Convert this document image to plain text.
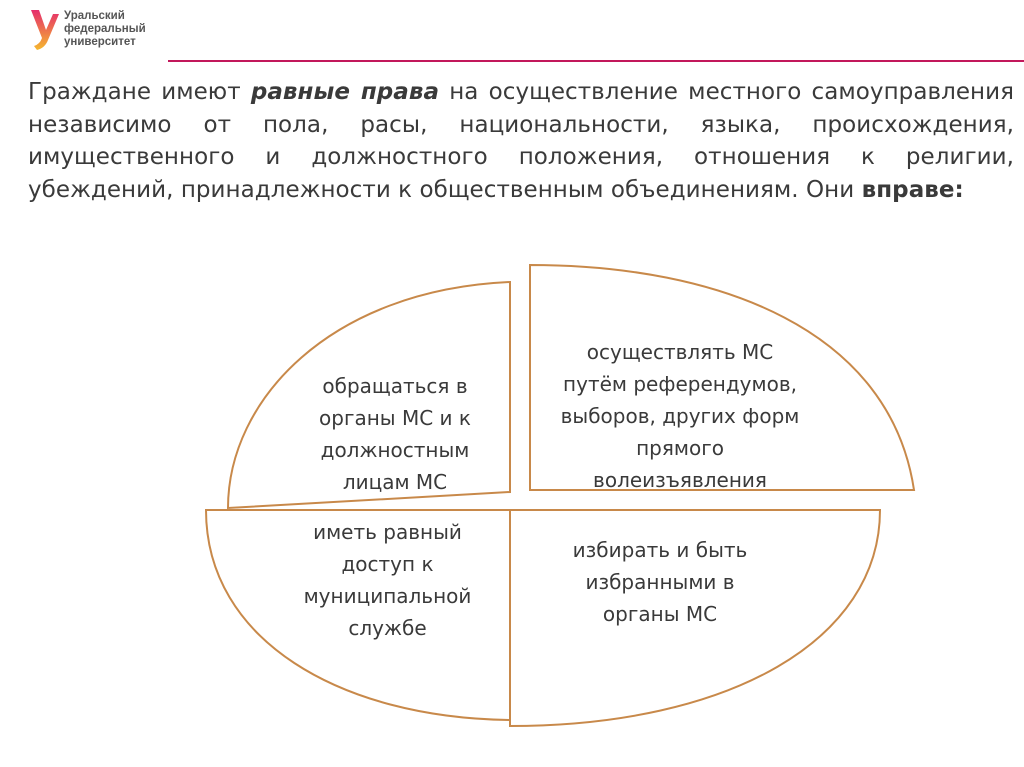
Уральский
федеральный
университет

Граждане имеют равные права на осуществление местного самоуправления независимо от пола, расы, национальности, языка, происхождения, имущественного и должностного положения, отношения к религии, убеждений, принадлежности к общественным объединениям. Они вправе:

обращаться в
органы МС и к
должностным
лицам МС
осуществлять МС
путём референдумов,
выборов, других форм
прямого
волеизъявления
иметь равный
доступ к
муниципальной
службе
избирать и быть
избранными в
органы МС
